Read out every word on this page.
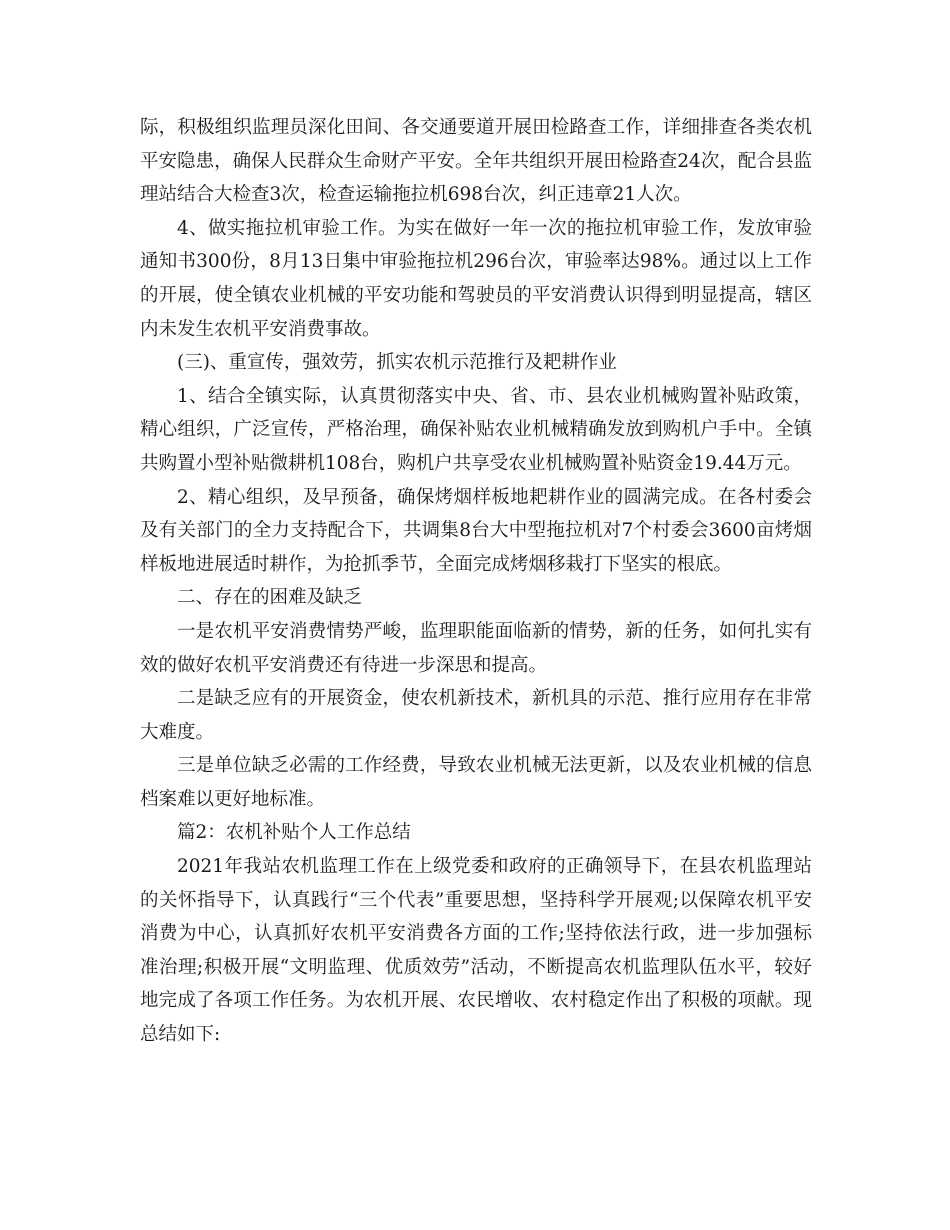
际，积极组织监理员深化田间、各交通要道开展田检路查工作，详细排查各类农机平安隐患，确保人民群众生命财产平安。全年共组织开展田检路查24次，配合县监理站结合大检查3次，检查运输拖拉机698台次，纠正违章21人次。

4、做实拖拉机审验工作。为实在做好一年一次的拖拉机审验工作，发放审验通知书300份，8月13日集中审验拖拉机296台次，审验率达98%。通过以上工作的开展，使全镇农业机械的平安功能和驾驶员的平安消费认识得到明显提高，辖区内未发生农机平安消费事故。

(三)、重宣传，强效劳，抓实农机示范推行及耙耕作业

1、结合全镇实际，认真贯彻落实中央、省、市、县农业机械购置补贴政策，精心组织，广泛宣传，严格治理，确保补贴农业机械精确发放到购机户手中。全镇共购置小型补贴微耕机108台，购机户共享受农业机械购置补贴资金19.44万元。

2、精心组织，及早预备，确保烤烟样板地耙耕作业的圆满完成。在各村委会及有关部门的全力支持配合下，共调集8台大中型拖拉机对7个村委会3600亩烤烟样板地进展适时耕作，为抢抓季节，全面完成烤烟移栽打下坚实的根底。

二、存在的困难及缺乏

一是农机平安消费情势严峻，监理职能面临新的情势，新的任务，如何扎实有效的做好农机平安消费还有待进一步深思和提高。

二是缺乏应有的开展资金，使农机新技术，新机具的示范、推行应用存在非常大难度。

三是单位缺乏必需的工作经费，导致农业机械无法更新，以及农业机械的信息档案难以更好地标准。

篇2：农机补贴个人工作总结

2021年我站农机监理工作在上级党委和政府的正确领导下，在县农机监理站的关怀指导下，认真践行“三个代表”重要思想，坚持科学开展观;以保障农机平安消费为中心，认真抓好农机平安消费各方面的工作;坚持依法行政，进一步加强标准治理;积极开展“文明监理、优质效劳”活动，不断提高农机监理队伍水平，较好地完成了各项工作任务。为农机开展、农民增收、农村稳定作出了积极的项献。现总结如下:
